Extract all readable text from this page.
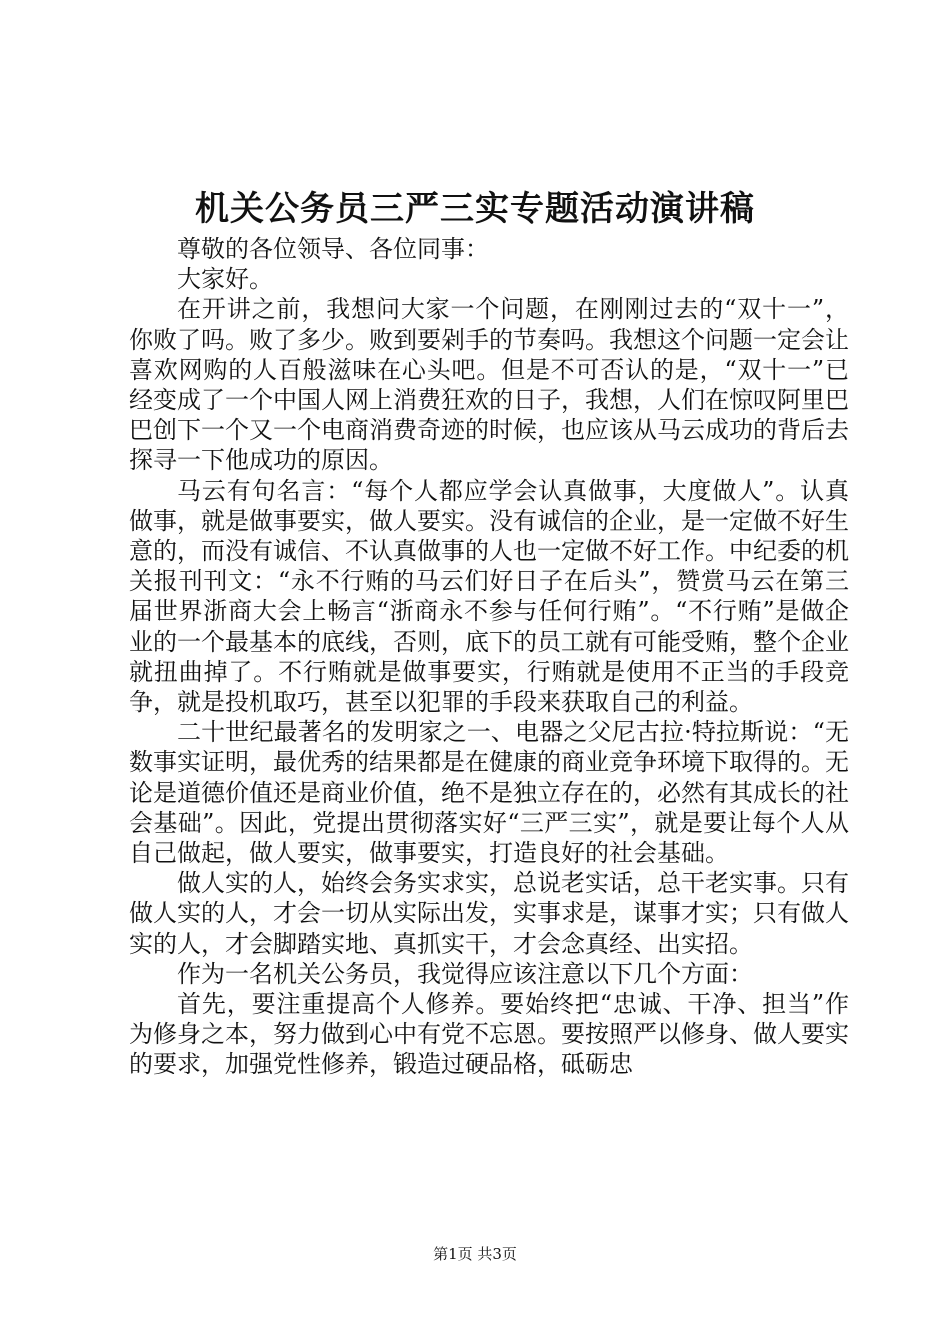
机关公务员三严三实专题活动演讲稿

尊敬的各位领导、各位同事：

大家好。

在开讲之前，我想问大家一个问题，在刚刚过去的“双十一”，你败了吗。败了多少。败到要剁手的节奏吗。我想这个问题一定会让喜欢网购的人百般滋味在心头吧。但是不可否认的是，“双十一”已经变成了一个中国人网上消费狂欢的日子，我想，人们在惊叹阿里巴巴创下一个又一个电商消费奇迹的时候，也应该从马云成功的背后去探寻一下他成功的原因。

马云有句名言：“每个人都应学会认真做事，大度做人”。认真做事，就是做事要实，做人要实。没有诚信的企业，是一定做不好生意的，而没有诚信、不认真做事的人也一定做不好工作。中纪委的机关报刊刊文：“永不行贿的马云们好日子在后头”，赞赏马云在第三届世界浙商大会上畅言“浙商永不参与任何行贿”。“不行贿”是做企业的一个最基本的底线，否则，底下的员工就有可能受贿，整个企业就扭曲掉了。不行贿就是做事要实，行贿就是使用不正当的手段竞争，就是投机取巧，甚至以犯罪的手段来获取自己的利益。

二十世纪最著名的发明家之一、电器之父尼古拉·特拉斯说：“无数事实证明，最优秀的结果都是在健康的商业竞争环境下取得的。无论是道德价值还是商业价值，绝不是独立存在的，必然有其成长的社会基础”。因此，党提出贯彻落实好“三严三实”，就是要让每个人从自己做起，做人要实，做事要实，打造良好的社会基础。

做人实的人，始终会务实求实，总说老实话，总干老实事。只有做人实的人，才会一切从实际出发，实事求是，谋事才实；只有做人实的人，才会脚踏实地、真抓实干，才会念真经、出实招。

作为一名机关公务员，我觉得应该注意以下几个方面：

首先，要注重提高个人修养。要始终把“忠诚、干净、担当”作为修身之本，努力做到心中有党不忘恩。要按照严以修身、做人要实的要求，加强党性修养，锻造过硬品格，砥砺忠

第1页 共3页
